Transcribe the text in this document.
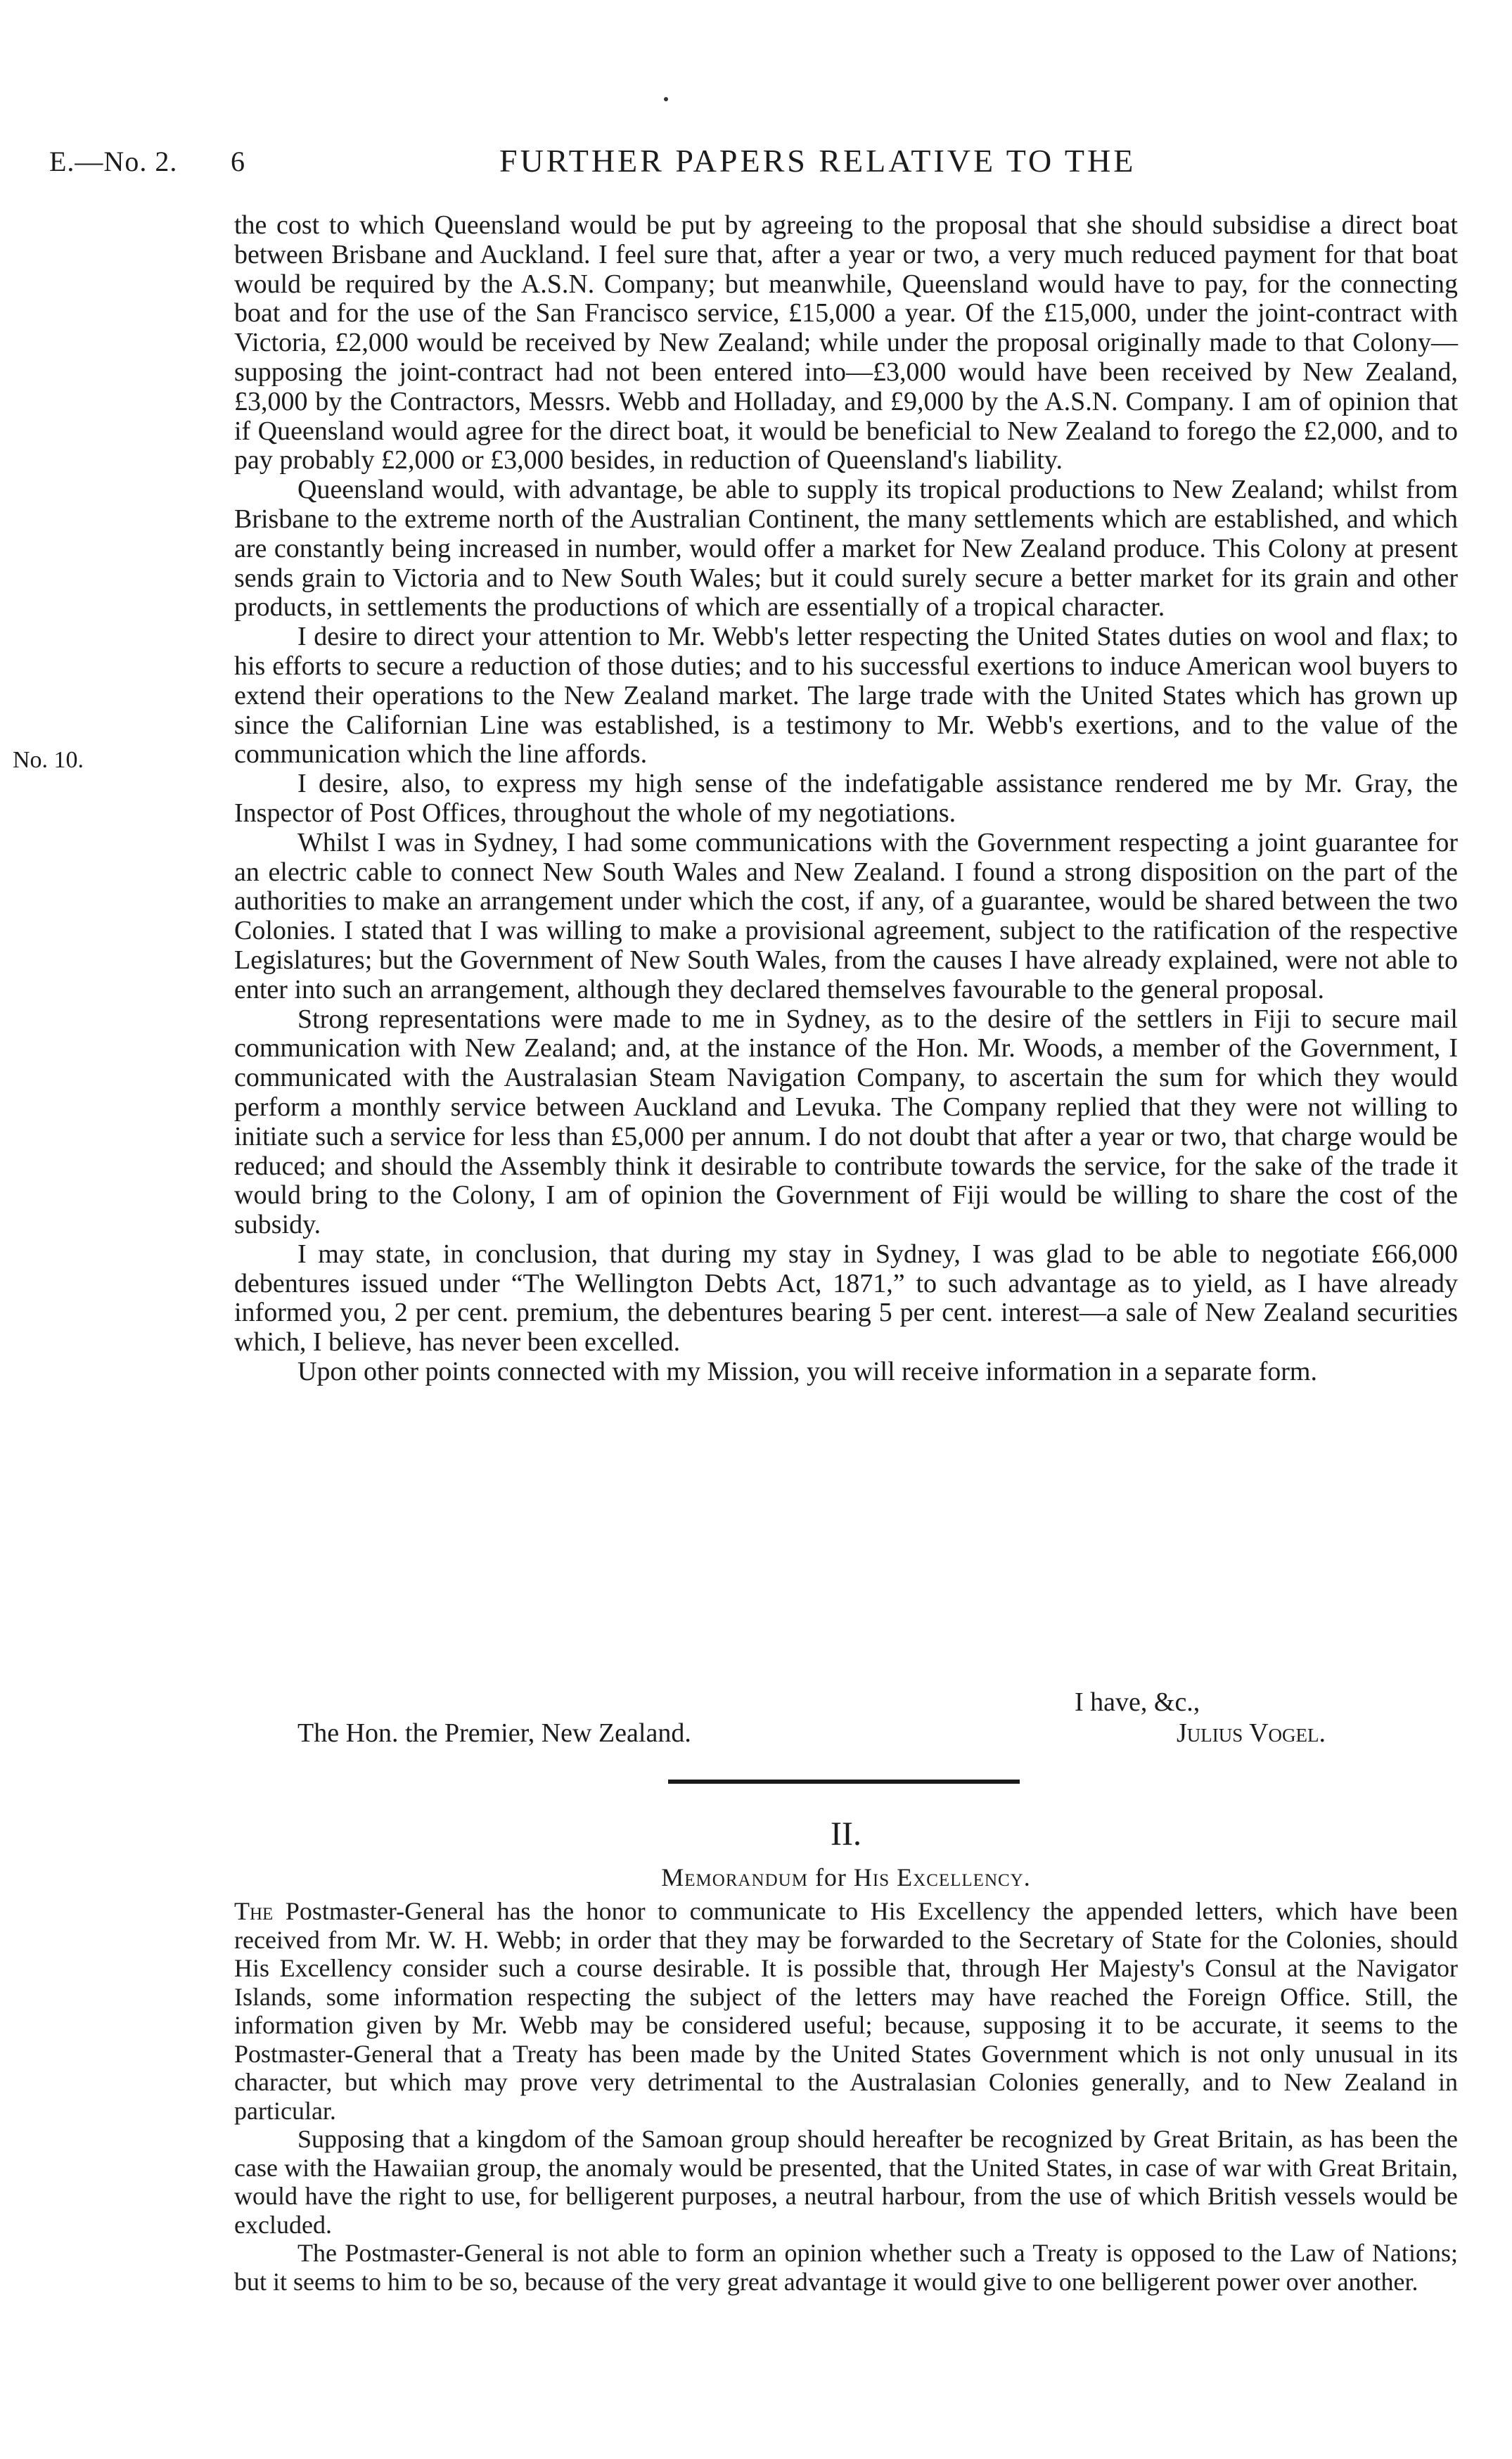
E.—No. 2. 6	FURTHER PAPERS RELATIVE TO THE

the cost to which Queensland would be put by agreeing to the proposal that she should subsidise a direct boat between Brisbane and Auckland. I feel sure that, after a year or two, a very much reduced payment for that boat would be required by the A.S.N. Company; but meanwhile, Queensland would have to pay, for the connecting boat and for the use of the San Francisco service, £15,000 a year. Of the £15,000, under the joint-contract with Victoria, £2,000 would be received by New Zealand; while under the proposal originally made to that Colony—supposing the joint-contract had not been entered into—£3,000 would have been received by New Zealand, £3,000 by the Contractors, Messrs. Webb and Holladay, and £9,000 by the A.S.N. Company. I am of opinion that if Queensland would agree for the direct boat, it would be beneficial to New Zealand to forego the £2,000, and to pay probably £2,000 or £3,000 besides, in reduction of Queensland's liability.

Queensland would, with advantage, be able to supply its tropical productions to New Zealand; whilst from Brisbane to the extreme north of the Australian Continent, the many settlements which are established, and which are constantly being increased in number, would offer a market for New Zealand produce. This Colony at present sends grain to Victoria and to New South Wales; but it could surely secure a better market for its grain and other products, in settlements the productions of which are essentially of a tropical character.

I desire to direct your attention to Mr. Webb's letter respecting the United States duties on wool and flax; to his efforts to secure a reduction of those duties; and to his successful exertions to induce American wool buyers to extend their operations to the New Zealand market. The large trade with the United States which has grown up since the Californian Line was established, is a testimony to Mr. Webb's exertions, and to the value of the communication which the line affords.

I desire, also, to express my high sense of the indefatigable assistance rendered me by Mr. Gray, the Inspector of Post Offices, throughout the whole of my negotiations.

Whilst I was in Sydney, I had some communications with the Government respecting a joint guarantee for an electric cable to connect New South Wales and New Zealand. I found a strong disposition on the part of the authorities to make an arrangement under which the cost, if any, of a guarantee, would be shared between the two Colonies. I stated that I was willing to make a provisional agreement, subject to the ratification of the respective Legislatures; but the Government of New South Wales, from the causes I have already explained, were not able to enter into such an arrangement, although they declared themselves favourable to the general proposal.

Strong representations were made to me in Sydney, as to the desire of the settlers in Fiji to secure mail communication with New Zealand; and, at the instance of the Hon. Mr. Woods, a member of the Government, I communicated with the Australasian Steam Navigation Company, to ascertain the sum for which they would perform a monthly service between Auckland and Levuka. The Company replied that they were not willing to initiate such a service for less than £5,000 per annum. I do not doubt that after a year or two, that charge would be reduced; and should the Assembly think it desirable to contribute towards the service, for the sake of the trade it would bring to the Colony, I am of opinion the Government of Fiji would be willing to share the cost of the subsidy.

I may state, in conclusion, that during my stay in Sydney, I was glad to be able to negotiate £66,000 debentures issued under “The Wellington Debts Act, 1871,” to such advantage as to yield, as I have already informed you, 2 per cent. premium, the debentures bearing 5 per cent. interest—a sale of New Zealand securities which, I believe, has never been excelled.

Upon other points connected with my Mission, you will receive information in a separate form.

No. 10.
I have, &c.,
The Hon. the Premier, New Zealand.	Julius Vogel.
II.
Memorandum for His Excellency.

The Postmaster-General has the honor to communicate to His Excellency the appended letters, which have been received from Mr. W. H. Webb; in order that they may be forwarded to the Secretary of State for the Colonies, should His Excellency consider such a course desirable. It is possible that, through Her Majesty's Consul at the Navigator Islands, some information respecting the subject of the letters may have reached the Foreign Office. Still, the information given by Mr. Webb may be considered useful; because, supposing it to be accurate, it seems to the Postmaster-General that a Treaty has been made by the United States Government which is not only unusual in its character, but which may prove very detrimental to the Australasian Colonies generally, and to New Zealand in particular.

Supposing that a kingdom of the Samoan group should hereafter be recognized by Great Britain, as has been the case with the Hawaiian group, the anomaly would be presented, that the United States, in case of war with Great Britain, would have the right to use, for belligerent purposes, a neutral harbour, from the use of which British vessels would be excluded.

The Postmaster-General is not able to form an opinion whether such a Treaty is opposed to the Law of Nations; but it seems to him to be so, because of the very great advantage it would give to one belligerent power over another.
